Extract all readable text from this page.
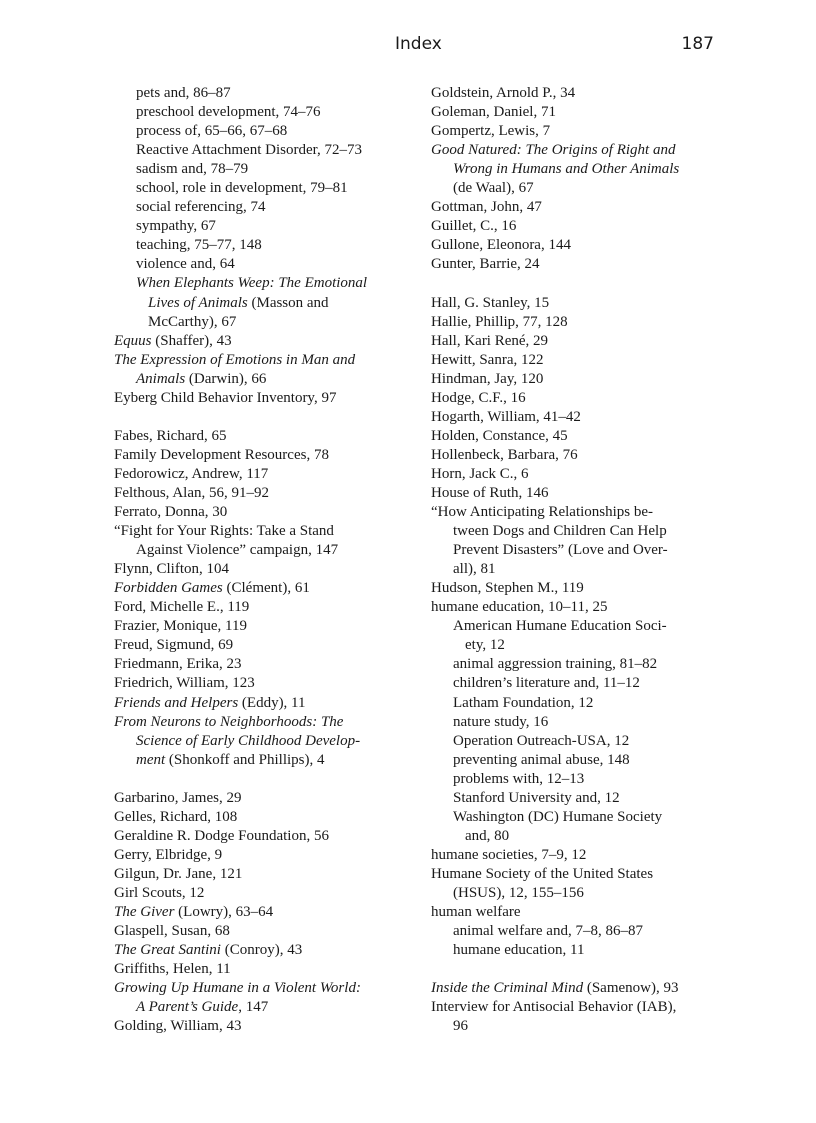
Index	187
pets and, 86–87
preschool development, 74–76
process of, 65–66, 67–68
Reactive Attachment Disorder, 72–73
sadism and, 78–79
school, role in development, 79–81
social referencing, 74
sympathy, 67
teaching, 75–77, 148
violence and, 64
When Elephants Weep: The Emotional
Lives of Animals (Masson and
McCarthy), 67
Equus (Shaffer), 43
The Expression of Emotions in Man and
Animals (Darwin), 66
Eyberg Child Behavior Inventory, 97
Fabes, Richard, 65
Family Development Resources, 78
Fedorowicz, Andrew, 117
Felthous, Alan, 56, 91–92
Ferrato, Donna, 30
“Fight for Your Rights: Take a Stand
Against Violence” campaign, 147
Flynn, Clifton, 104
Forbidden Games (Clément), 61
Ford, Michelle E., 119
Frazier, Monique, 119
Freud, Sigmund, 69
Friedmann, Erika, 23
Friedrich, William, 123
Friends and Helpers (Eddy), 11
From Neurons to Neighborhoods: The
Science of Early Childhood Develop-
ment (Shonkoff and Phillips), 4
Garbarino, James, 29
Gelles, Richard, 108
Geraldine R. Dodge Foundation, 56
Gerry, Elbridge, 9
Gilgun, Dr. Jane, 121
Girl Scouts, 12
The Giver (Lowry), 63–64
Glaspell, Susan, 68
The Great Santini (Conroy), 43
Griffiths, Helen, 11
Growing Up Humane in a Violent World:
A Parent’s Guide, 147
Golding, William, 43
Goldstein, Arnold P., 34
Goleman, Daniel, 71
Gompertz, Lewis, 7
Good Natured: The Origins of Right and
Wrong in Humans and Other Animals
(de Waal), 67
Gottman, John, 47
Guillet, C., 16
Gullone, Eleonora, 144
Gunter, Barrie, 24
Hall, G. Stanley, 15
Hallie, Phillip, 77, 128
Hall, Kari René, 29
Hewitt, Sanra, 122
Hindman, Jay, 120
Hodge, C.F., 16
Hogarth, William, 41–42
Holden, Constance, 45
Hollenbeck, Barbara, 76
Horn, Jack C., 6
House of Ruth, 146
“How Anticipating Relationships be-
tween Dogs and Children Can Help
Prevent Disasters” (Love and Over-
all), 81
Hudson, Stephen M., 119
humane education, 10–11, 25
American Humane Education Soci-
ety, 12
animal aggression training, 81–82
children’s literature and, 11–12
Latham Foundation, 12
nature study, 16
Operation Outreach-USA, 12
preventing animal abuse, 148
problems with, 12–13
Stanford University and, 12
Washington (DC) Humane Society
and, 80
humane societies, 7–9, 12
Humane Society of the United States
(HSUS), 12, 155–156
human welfare
animal welfare and, 7–8, 86–87
humane education, 11
Inside the Criminal Mind (Samenow), 93
Interview for Antisocial Behavior (IAB),
96
